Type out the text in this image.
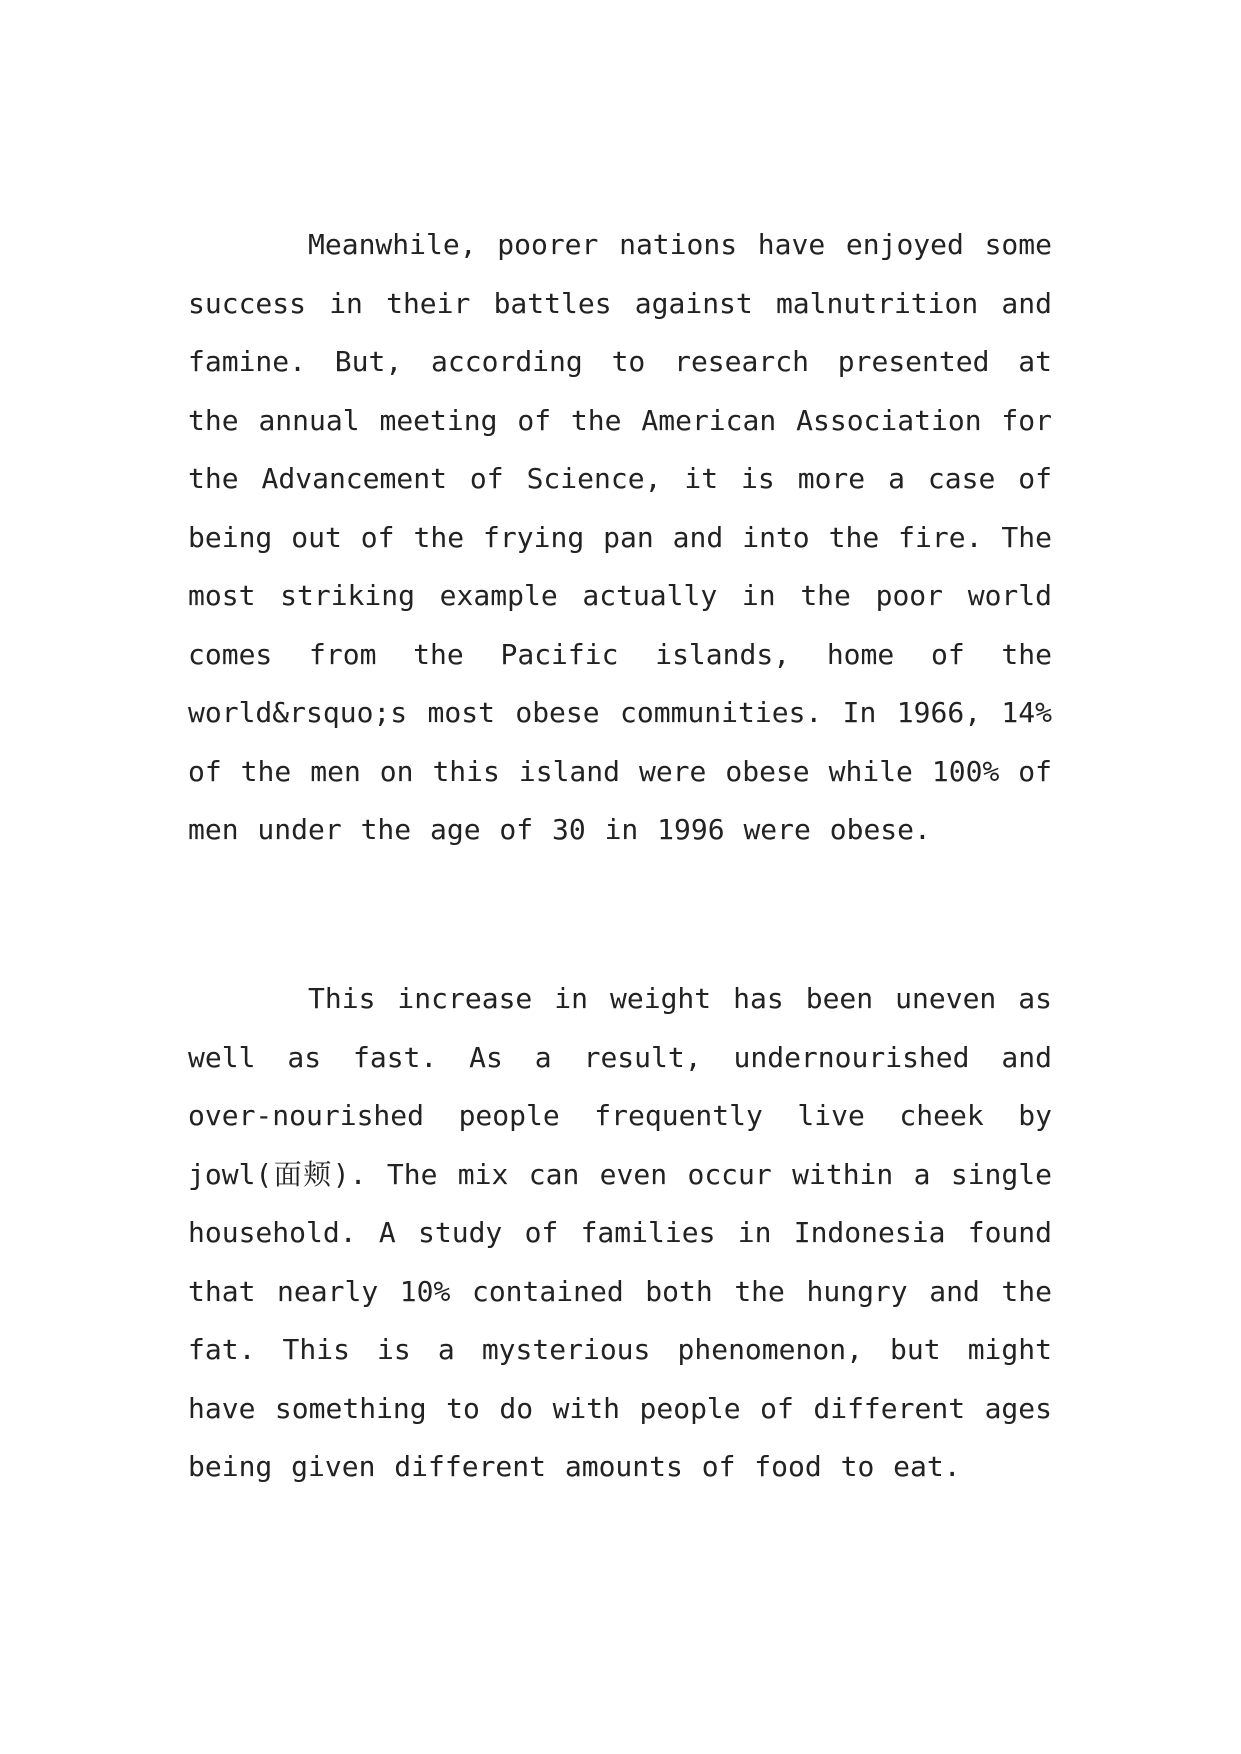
Meanwhile, poorer nations have enjoyed some success in their battles against malnutrition and famine. But, according to research presented at the annual meeting of the American Association for the Advancement of Science, it is more a case of being out of the frying pan and into the fire. The most striking example actually in the poor world comes from the Pacific islands, home of the world&rsquo;s most obese communities. In 1966, 14% of the men on this island were obese while 100% of men under the age of 30 in 1996 were obese.

This increase in weight has been uneven as well as fast. As a result, undernourished and over-nourished people frequently live cheek by jowl(面颊). The mix can even occur within a single household. A study of families in Indonesia found that nearly 10% contained both the hungry and the fat. This is a mysterious phenomenon, but might have something to do with people of different ages being given different amounts of food to eat.
